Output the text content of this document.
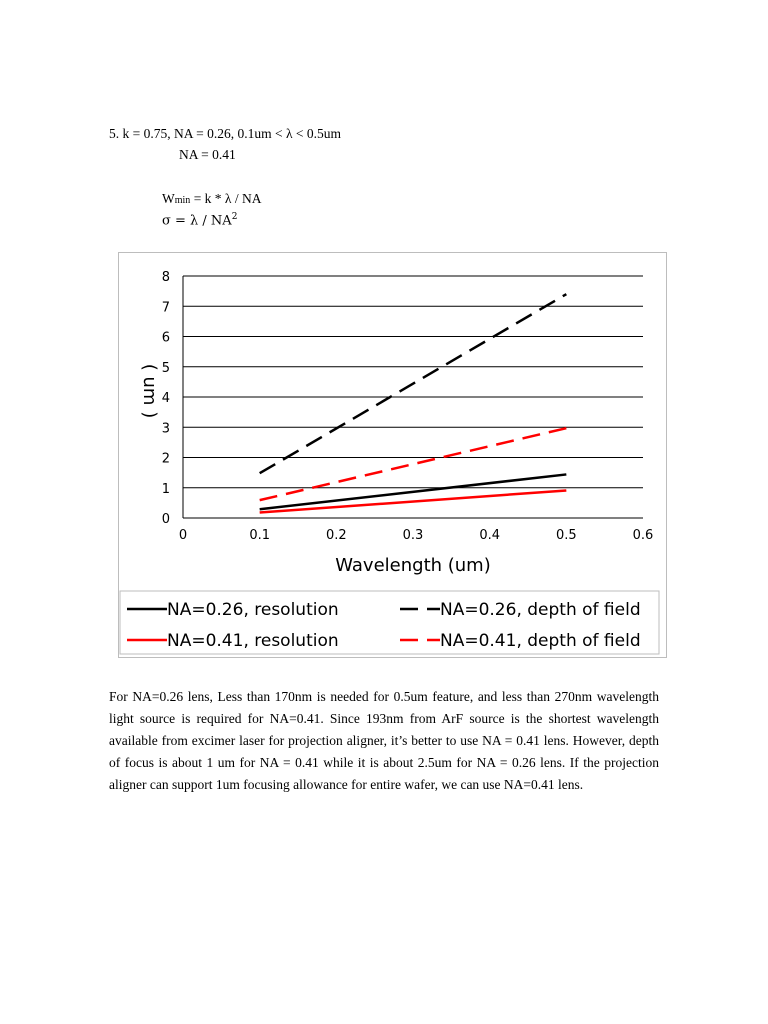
5. k = 0.75, NA = 0.26, 0.1um < λ < 0.5um
NA = 0.41
Wmin = k * λ / NA
$\sigma = \lambda / NA^2$
0
1
2
3
4
5
6
7
8
0	0.1	0.2	0.3	0.4	0.5	0.6
Wavelength (um)
( um )
NA=0.26, resolution	NA=0.26, depth of field
NA=0.41, resolution	NA=0.41, depth of field
For NA=0.26 lens, Less than 170nm is needed for 0.5um feature, and less than 270nm wavelength light source is required for NA=0.41. Since 193nm from ArF source is the shortest wavelength available from excimer laser for projection aligner, it’s better to use NA = 0.41 lens. However, depth of focus is about 1 um for NA = 0.41 while it is about 2.5um for NA = 0.26 lens. If the projection aligner can support 1um focusing allowance for entire wafer, we can use NA=0.41 lens.
